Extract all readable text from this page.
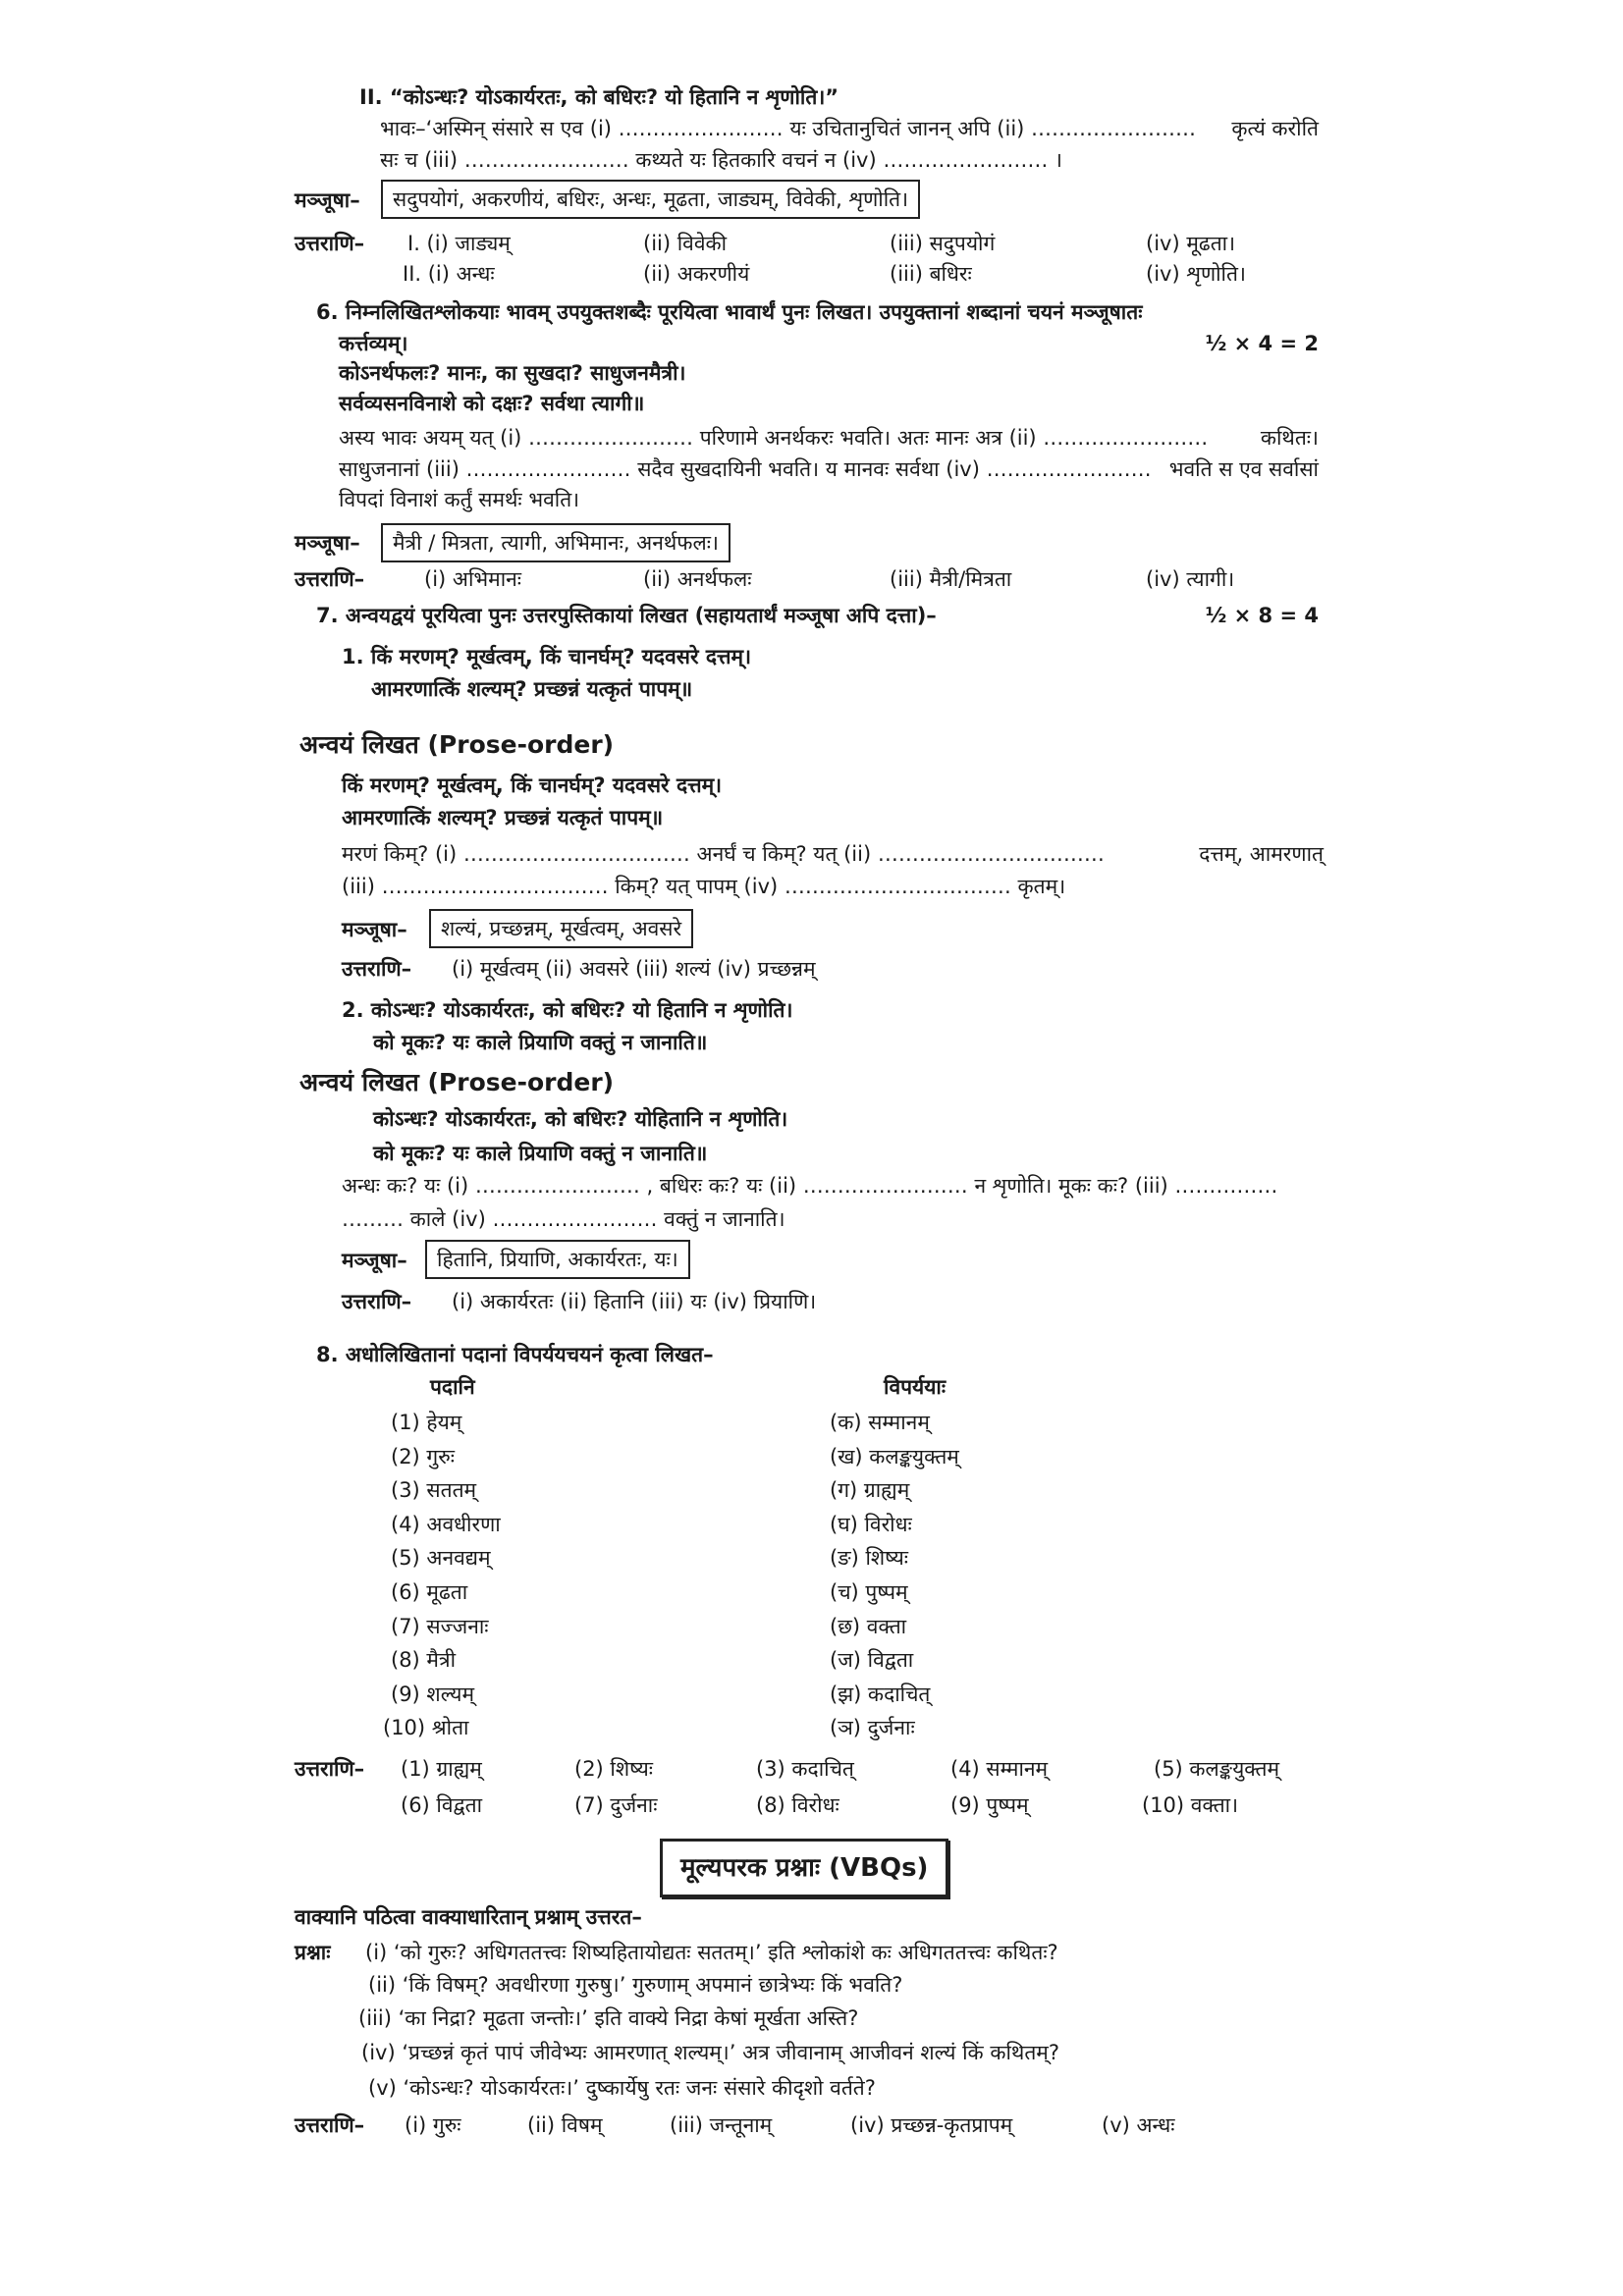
II. “कोऽन्धः? योऽकार्यरतः, को बधिरः? यो हितानि न शृणोति।”
भावः–‘अस्मिन् संसारे स एव (i) …………………… यः उचितानुचितं जानन् अपि (ii) …………………… कृत्यं करोति
सः च (iii) …………………… कथ्यते यः हितकारि वचनं न (iv) …………………… ।
मञ्जूषा–	सदुपयोगं, अकरणीयं, बधिरः, अन्धः, मूढता, जाड्यम्, विवेकी, शृणोति।
उत्तराणि– I. (i) जाड्यम्	(ii) विवेकी	(iii) सदुपयोगं	(iv) मूढता।
II. (i) अन्धः	(ii) अकरणीयं	(iii) बधिरः	(iv) शृणोति।
6. निम्नलिखितश्लोकयाः भावम् उपयुक्तशब्दैः पूरयित्वा भावार्थं पुनः लिखत। उपयुक्तानां शब्दानां चयनं मञ्जूषातः
कर्त्तव्यम्।	½ × 4 = 2
कोऽनर्थफलः? मानः, का सुखदा? साधुजनमैत्री।
सर्वव्यसनविनाशे को दक्षः? सर्वथा त्यागी॥
अस्य भावः अयम् यत् (i) …………………… परिणामे अनर्थकरः भवति। अतः मानः अत्र (ii) ……………………	कथितः।
साधुजनानां (iii) …………………… सदैव सुखदायिनी भवति। य मानवः सर्वथा (iv) …………………… भवति स एव सर्वासां
विपदां विनाशं कर्तुं समर्थः भवति।
मञ्जूषा–	मैत्री / मित्रता, त्यागी, अभिमानः, अनर्थफलः।
उत्तराणि–	(i) अभिमानः	(ii) अनर्थफलः	(iii) मैत्री/मित्रता	(iv) त्यागी।
7. अन्वयद्वयं पूरयित्वा पुनः उत्तरपुस्तिकायां लिखत (सहायतार्थं मञ्जूषा अपि दत्ता)–	½ × 8 = 4
1. किं मरणम्? मूर्खत्वम्, किं चानर्घम्? यदवसरे दत्तम्।
आमरणात्किं शल्यम्? प्रच्छन्नं यत्कृतं पापम्॥
अन्वयं लिखत (Prose-order)
किं मरणम्? मूर्खत्वम्, किं चानर्घम्? यदवसरे दत्तम्।
आमरणात्किं शल्यम्? प्रच्छन्नं यत्कृतं पापम्॥
मरणं किम्? (i) …………………………… अनर्घं च किम्? यत् (ii) ……………………………	दत्तम्, आमरणात्
(iii) …………………………… किम्? यत् पापम् (iv) …………………………… कृतम्।
मञ्जूषा–	शल्यं, प्रच्छन्नम्, मूर्खत्वम्, अवसरे
उत्तराणि– (i) मूर्खत्वम् (ii) अवसरे (iii) शल्यं (iv) प्रच्छन्नम्
2. कोऽन्धः? योऽकार्यरतः, को बधिरः? यो हितानि न शृणोति।
को मूकः? यः काले प्रियाणि वक्तुं न जानाति॥
अन्वयं लिखत (Prose-order)
कोऽन्धः? योऽकार्यरतः, को बधिरः? योहितानि न शृणोति।
को मूकः? यः काले प्रियाणि वक्तुं न जानाति॥
अन्धः कः? यः (i) …………………… , बधिरः कः? यः (ii) …………………… न शृणोति। मूकः कः? (iii) ……………
……… काले (iv) …………………… वक्तुं न जानाति।
मञ्जूषा–	हितानि, प्रियाणि, अकार्यरतः, यः।
उत्तराणि– (i) अकार्यरतः (ii) हितानि (iii) यः (iv) प्रियाणि।
8. अधोलिखितानां पदानां विपर्ययचयनं कृत्वा लिखत–
पदानि	विपर्ययाः
(1) हेयम्	(क) सम्मानम्
(2) गुरुः	(ख) कलङ्कयुक्तम्
(3) सततम्	(ग) ग्राह्यम्
(4) अवधीरणा	(घ) विरोधः
(5) अनवद्यम्	(ङ) शिष्यः
(6) मूढता	(च) पुष्पम्
(7) सज्जनाः	(छ) वक्ता
(8) मैत्री	(ज) विद्वता
(9) शल्यम्	(झ) कदाचित्
(10) श्रोता	(ञ) दुर्जनाः
उत्तराणि– (1) ग्राह्यम्	(2) शिष्यः	(3) कदाचित्	(4) सम्मानम्	(5) कलङ्कयुक्तम्
(6) विद्वता	(7) दुर्जनाः	(8) विरोधः	(9) पुष्पम्	(10) वक्ता।
मूल्यपरक प्रश्नाः (VBQs)
वाक्यानि पठित्वा वाक्याधारितान् प्रश्नाम् उत्तरत–
प्रश्नाः (i) ‘को गुरुः? अधिगततत्त्वः शिष्यहितायोद्यतः सततम्।’ इति श्लोकांशे कः अधिगततत्त्वः कथितः?
(ii) ‘किं विषम्? अवधीरणा गुरुषु।’ गुरुणाम् अपमानं छात्रेभ्यः किं भवति?
(iii) ‘का निद्रा? मूढता जन्तोः।’ इति वाक्ये निद्रा केषां मूर्खता अस्ति?
(iv) ‘प्रच्छन्नं कृतं पापं जीवेभ्यः आमरणात् शल्यम्।’ अत्र जीवानाम् आजीवनं शल्यं किं कथितम्?
(v) ‘कोऽन्धः? योऽकार्यरतः।’ दुष्कार्येषु रतः जनः संसारे कीदृशो वर्तते?
उत्तराणि– (i) गुरुः	(ii) विषम्	(iii) जन्तूनाम्	(iv) प्रच्छन्न-कृतप्रापम्	(v) अन्धः
